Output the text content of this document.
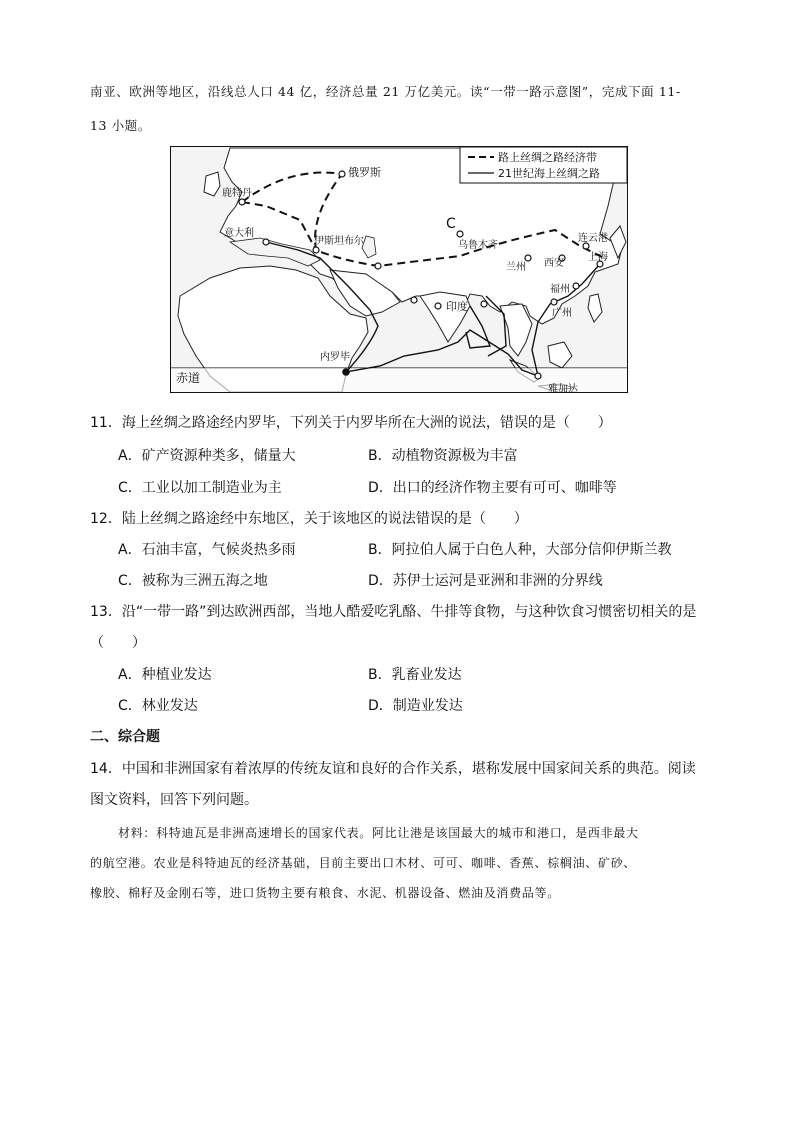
南亚、欧洲等地区，沿线总人口 44 亿，经济总量 21 万亿美元。读“一带一路示意图”，完成下面 11-
13 小题。
路上丝绸之路经济带
21世纪海上丝绸之路
俄罗斯
鹿特丹
意大利
伊斯坦布尔
C
乌鲁木齐
兰州 西安
连云港
上海
福州
广州
印度
内罗毕
雅加达
赤道
11．海上丝绸之路途经内罗毕，下列关于内罗毕所在大洲的说法，错误的是（　　）
A．矿产资源种类多，储量大	B．动植物资源极为丰富
C．工业以加工制造业为主	D．出口的经济作物主要有可可、咖啡等
12．陆上丝绸之路途经中东地区，关于该地区的说法错误的是（　　）
A．石油丰富，气候炎热多雨	B．阿拉伯人属于白色人种，大部分信仰伊斯兰教
C．被称为三洲五海之地	D．苏伊士运河是亚洲和非洲的分界线
13．沿“一带一路”到达欧洲西部，当地人酷爱吃乳酪、牛排等食物，与这种饮食习惯密切相关的是
（　　）
A．种植业发达	B．乳畜业发达
C．林业发达	D．制造业发达
二、综合题
14．中国和非洲国家有着浓厚的传统友谊和良好的合作关系，堪称发展中国家间关系的典范。阅读
图文资料，回答下列问题。
材料：科特迪瓦是非洲高速增长的国家代表。阿比让港是该国最大的城市和港口，是西非最大
的航空港。农业是科特迪瓦的经济基础，目前主要出口木材、可可、咖啡、香蕉、棕榈油、矿砂、
橡胶、棉籽及金刚石等，进口货物主要有粮食、水泥、机器设备、燃油及消费品等。
